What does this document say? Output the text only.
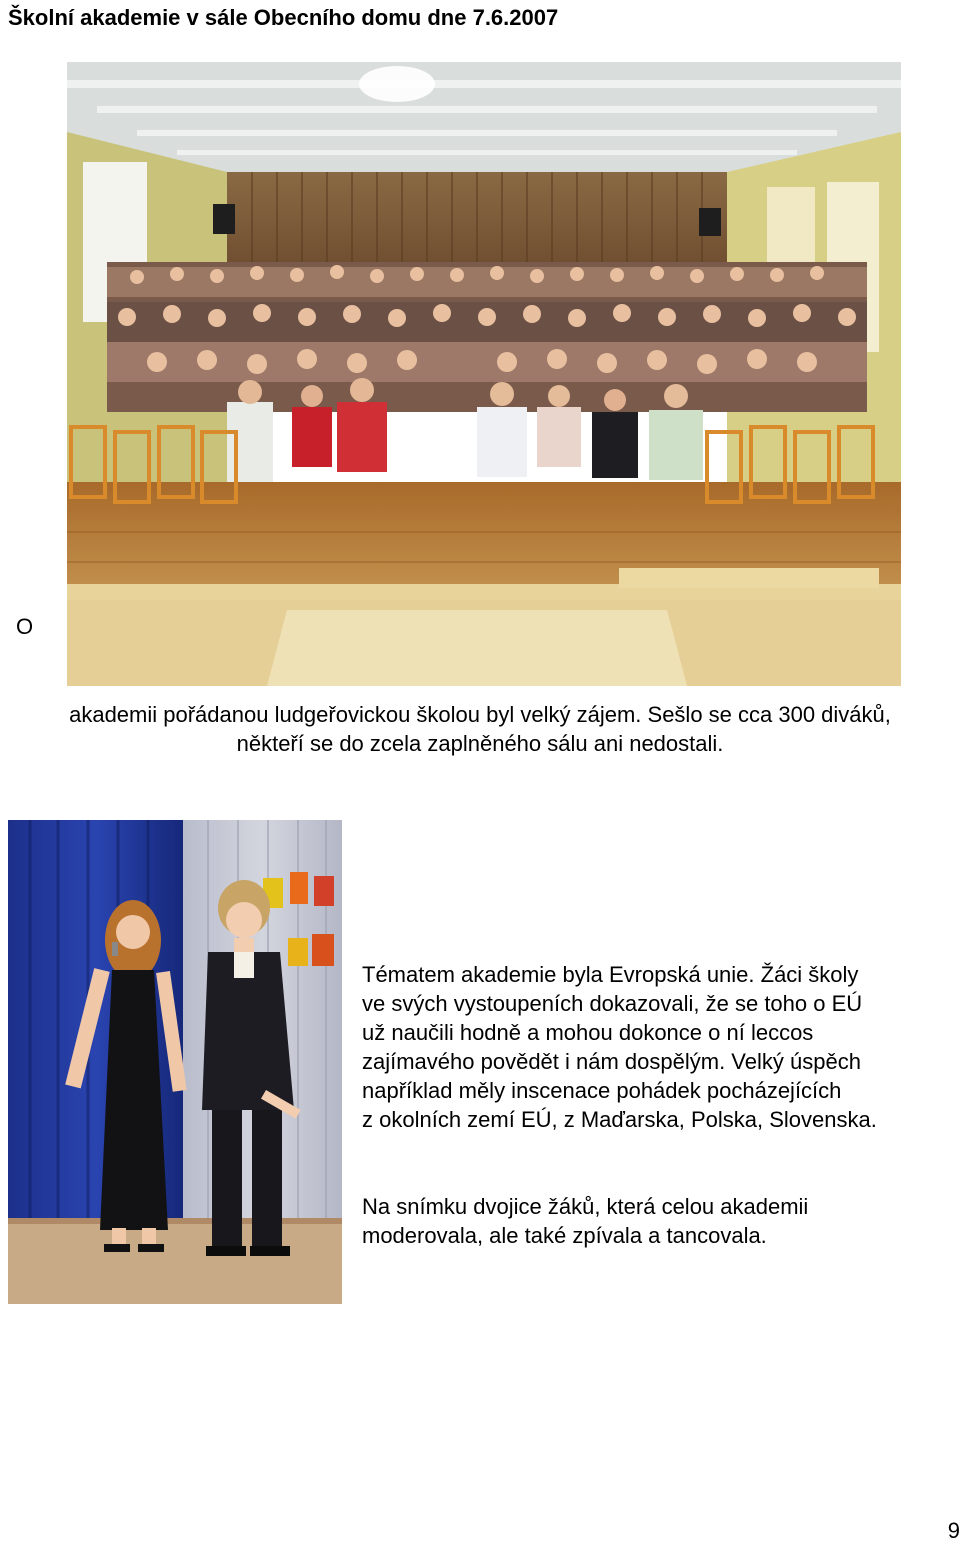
Školní akademie v sále Obecního domu dne 7.6.2007
O
akademii pořádanou ludgeřovickou školou byl velký zájem. Sešlo se cca 300 diváků,
někteří se do zcela zaplněného sálu ani nedostali.
Tématem akademie byla Evropská unie. Žáci školy
ve svých vystoupeních dokazovali, že se toho o EÚ
už naučili hodně a mohou dokonce o ní leccos
zajímavého povědět i nám dospělým. Velký úspěch
například měly inscenace pohádek pocházejících
z okolních zemí EÚ, z Maďarska, Polska, Slovenska.
Na snímku dvojice žáků, která celou akademii
moderovala, ale také zpívala a tancovala.
9
